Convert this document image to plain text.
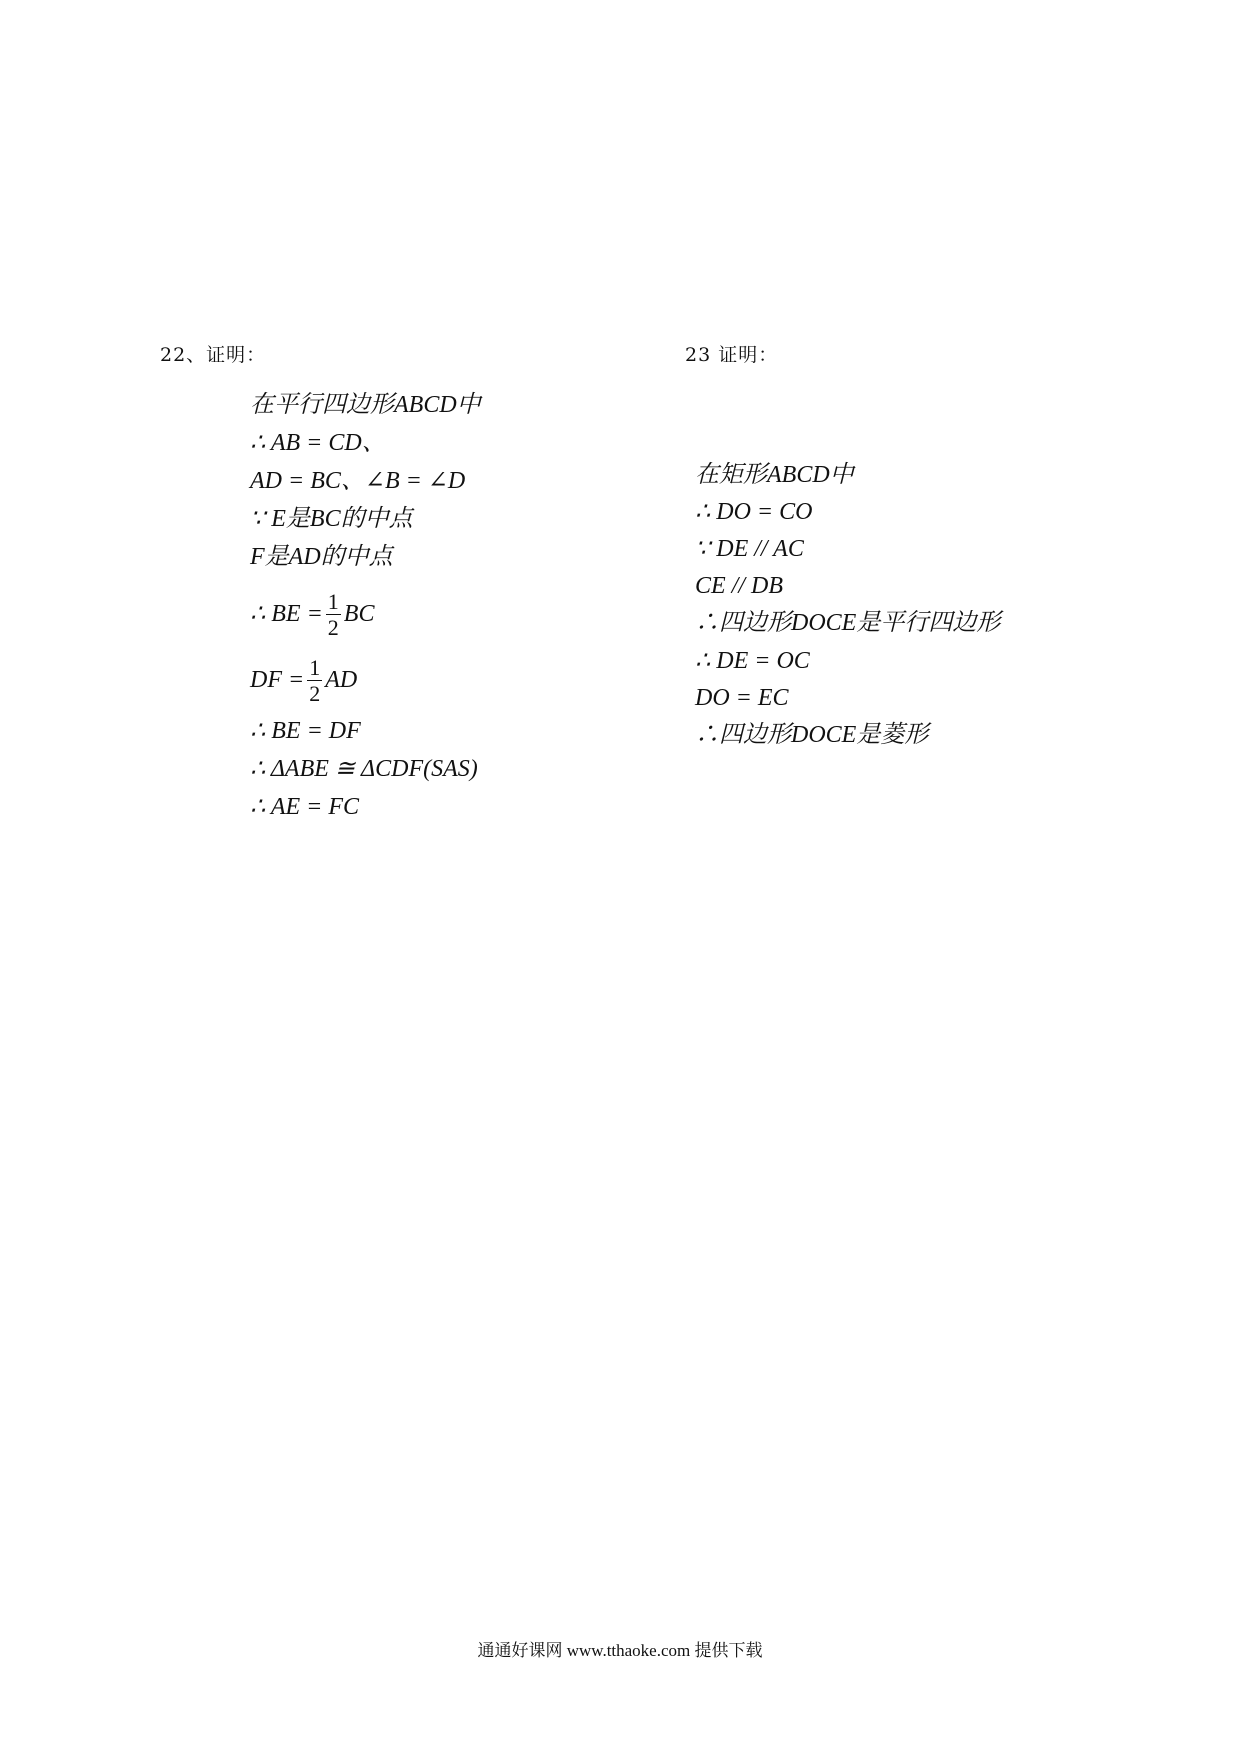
22、证明：
在平行四边形ABCD中
∴ AB = CD、
AD = BC、∠B = ∠D
∵ E是BC的中点
F是AD的中点
∴ BE = $\frac{1}{2}$ BC
DF = $\frac{1}{2}$ AD
∴ BE = DF
∴ ΔABE ≅ ΔCDF(SAS)
∴ AE = FC
23 证明：
在矩形ABCD中
∴ DO = CO
∵ DE // AC
CE // DB
∴四边形DOCE是平行四边形
∴ DE = OC
DO = EC
∴四边形DOCE是菱形
通通好课网 www.tthaoke.com 提供下载
